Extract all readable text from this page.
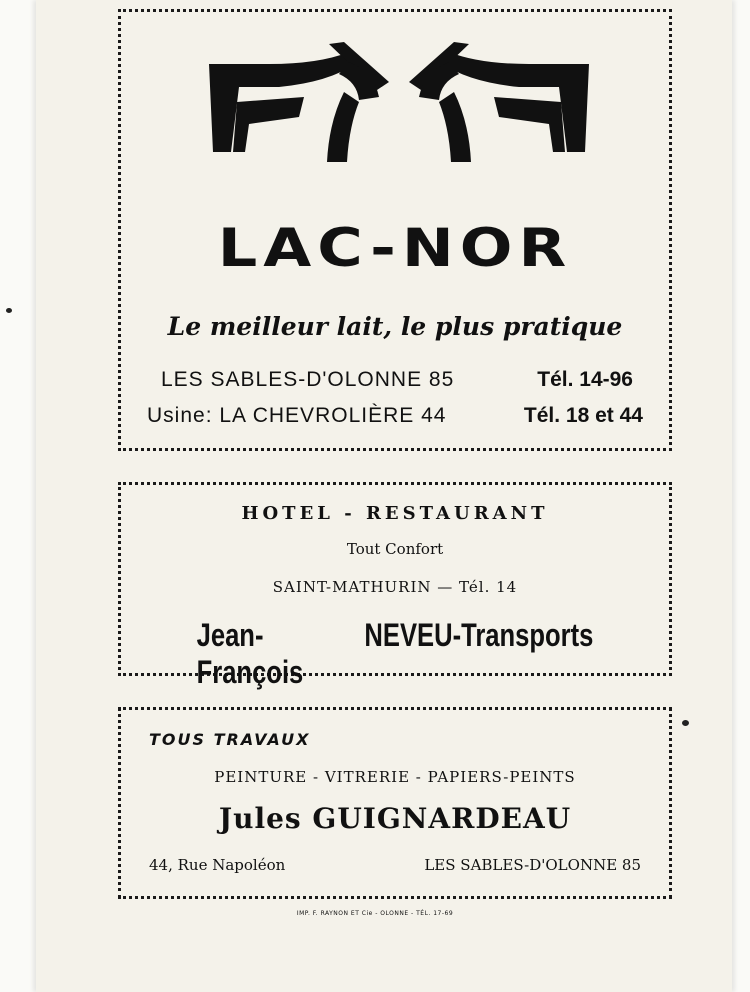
LAC-NOR
Le meilleur lait, le plus pratique
LES SABLES-D'OLONNE 85	Tél. 14-96
Usine: LA CHEVROLIÈRE 44	Tél. 18 et 44
HOTEL - RESTAURANT
Tout Confort
SAINT-MATHURIN — Tél. 14
Jean-François
NEVEU - Transports
TOUS TRAVAUX
PEINTURE - VITRERIE - PAPIERS-PEINTS
Jules GUIGNARDEAU
44, Rue Napoléon	LES SABLES-D'OLONNE 85
IMP. F. RAYNON ET Cie - OLONNE - TÉL. 17-69
